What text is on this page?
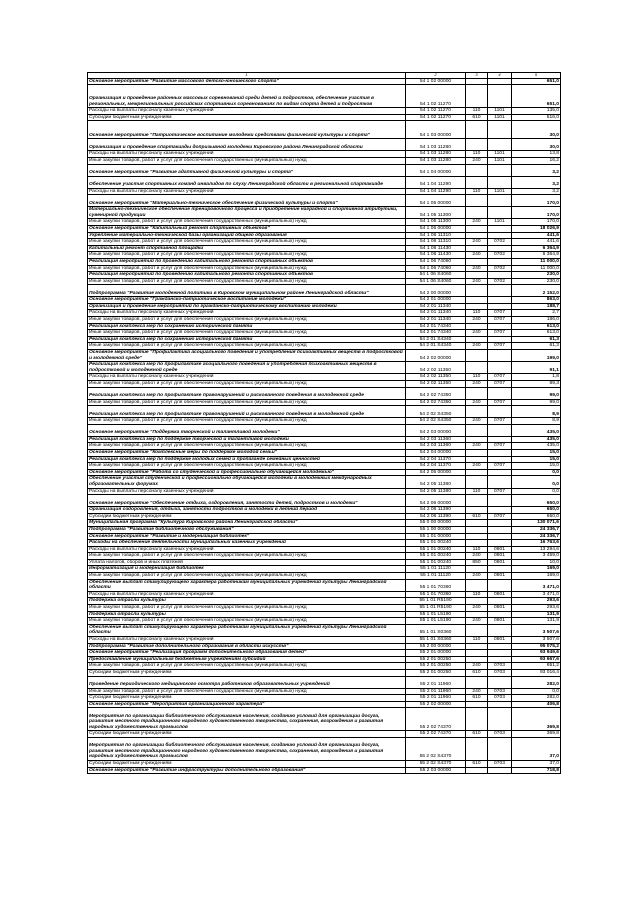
1	2	3	4	5
Основное мероприятие "Развитие массового детско-юношеского спорта"	54 1 02 00000			651,0
Организация и проведение районных массовых соревнований среди детей и подростков, обеспечение участия в региональных, межрегиональных российских спортивных соревнованиях по видам спорта детей и подростков	54 1 02 11270			651,0
Расходы на выплаты персоналу казенных учреждений	54 1 02 11270	110	1101	135,0
Субсидии бюджетным учреждениям	54 1 02 11270	610	1101	516,0
Основное мероприятие "Патриотическое воспитание молодежи средствами физической культуры и спорта"	54 1 03 00000			30,0
Организация и проведение спартакиады допризывной молодежи Кировского района Ленинградской области	54 1 03 11280			30,0
Расходы на выплаты персоналу казенных учреждений	54 1 03 11280	110	1101	13,8
Иные закупки товаров, работ и услуг для обеспечения государственных (муниципальных) нужд	54 1 03 11280	240	1101	16,2
Основное мероприятие "Развитие адаптивной физической культуры и спорта"	54 1 04 00000			3,2
Обеспечение участия спортивных команд инвалидов по слуху Ленинградской области в региональной спартакиаде	54 1 04 11290			3,2
Расходы на выплаты персоналу казенных учреждений	54 1 04 11290	110	1101	3,2
Основное мероприятие "Материально-техническое обеспечение физической культуры и спорта"	54 1 05 00000			170,0
Материально-техническое обеспечение тренировочного процесса и приобретение наградной и спортивной атрибутики, сувенирной продукции	54 1 05 11300			170,0
Иные закупки товаров, работ и услуг для обеспечения государственных (муниципальных) нужд	54 1 05 11300	240	1101	170,0
Основное мероприятие "Капитальный ремонт спортивных объектов"	54 1 06 00000			18 026,9
Укрепление материально-технической базы организаций общего образования	54 1 06 11310			441,6
Иные закупки товаров, работ и услуг для обеспечения государственных (муниципальных) нужд	54 1 06 11310	240	0702	441,6
Капитальный ремонт спортивной площадки	54 1 06 11430			6 364,9
Иные закупки товаров, работ и услуг для обеспечения государственных (муниципальных) нужд	54 1 06 11430	240	0702	6 364,9
Реализация мероприятий по проведению капитального ремонта спортивных объектов	54 1 06 74060			11 000,0
Иные закупки товаров, работ и услуг для обеспечения государственных (муниципальных) нужд	54 1 06 74060	240	0702	11 000,0
Реализация мероприятий по проведению капитального ремонта спортивных объектов	54 1 06 S4060			230,0
Иные закупки товаров, работ и услуг для обеспечения государственных (муниципальных) нужд	54 1 06 S4060	240	0702	230,0
Подпрограмма "Развитие молодежной политики в Кировском муниципальном районе Ленинградской области"	54 2 00 00000			2 152,0
Основное мероприятие "Гражданско-патриотическое воспитание молодежи"	54 2 01 00000			863,0
Организация и проведение мероприятий по гражданско-патриотическому воспитанию молодежи	54 2 01 11340			188,7
Расходы на выплаты персоналу казенных учреждений	54 2 01 11340	110	0707	2,7
Иные закупки товаров, работ и услуг для обеспечения государственных (муниципальных) нужд	54 2 01 11340	240	0707	186,0
Реализация комплекса мер по сохранению исторической памяти	54 2 01 74340			613,0
Иные закупки товаров, работ и услуг для обеспечения государственных (муниципальных) нужд	54 2 01 74340	240	0707	613,0
Реализация комплекса мер по сохранению исторической памяти	54 2 01 S4340			61,3
Иные закупки товаров, работ и услуг для обеспечения государственных (муниципальных) нужд	54 2 01 S4340	240	0707	61,3
Основное мероприятие "Профилактика асоциального поведения и употребления психоактивных веществ в подростковой и молодежной среде"	54 2 02 00000			199,0
Реализация комплекса мер по профилактике асоциального поведения и употребления психоактивных веществ в подростковой и молодежной среде	54 2 02 11350			91,1
Расходы на выплаты персоналу казенных учреждений	54 2 02 11350	110	0707	1,8
Иные закупки товаров, работ и услуг для обеспечения государственных (муниципальных) нужд	54 2 02 11350	240	0707	89,3
Реализация комплекса мер по профилактике правонарушений и рискованного поведения в молодежной среде	54 2 02 74350			99,0
Иные закупки товаров, работ и услуг для обеспечения государственных (муниципальных) нужд	54 2 02 74350	240	0707	99,0
Реализация комплекса мер по профилактике правонарушений и рискованного поведения в молодежной среде	54 2 02 S4350			8,9
Иные закупки товаров, работ и услуг для обеспечения государственных (муниципальных) нужд	54 2 02 S4350	240	0707	8,9
Основное мероприятие "Поддержка творческой и талантливой молодежи"	54 2 03 00000			435,0
Реализация комплекса мер по поддержке творческой и талантливой молодежи	54 2 03 11360			435,0
Иные закупки товаров, работ и услуг для обеспечения государственных (муниципальных) нужд	54 2 03 11360	240	0707	435,0
Основное мероприятие "Комплексные меры по поддержке молодой семьи"	54 2 04 00000			15,0
Реализация комплекса мер по поддержке молодых семей и пропаганде семейных ценностей	54 2 04 11370			15,0
Иные закупки товаров, работ и услуг для обеспечения государственных (муниципальных) нужд	54 2 04 11370	240	0707	15,0
Основное мероприятие "Работа со студенческой и профессионально обучающейся молодежью"	54 2 05 00000			0,0
Обеспечение участия студенческой и профессионально обучающейся молодежи в молодежных международных образовательных форумах	54 2 05 11380			0,0
Расходы на выплаты персоналу казенных учреждений	54 2 05 11380	110	0707	0,0
Основное мероприятие "Обеспечение отдыха, оздоровления, занятости детей, подростков и молодежи"	54 2 06 00000			650,0
Организация оздоровления, отдыха, занятости подростков и молодежи в летний период	54 2 06 11390			650,0
Субсидии бюджетным учреждениям	54 2 06 11390	610	0707	650,0
Муниципальная программа "Культура Кировского района Ленинградской области"	55 0 00 00000			130 071,6
Подпрограмма "Развитие библиотечного обслуживания"	55 1 00 00000			24 336,7
Основное мероприятие "Развитие и модернизация библиотек"	55 1 01 00000			24 336,7
Расходы на обеспечение деятельности муниципальных казенных учреждений	55 1 01 00240			16 763,6
Расходы на выплаты персоналу казенных учреждений	55 1 01 00240	110	0801	13 294,6
Иные закупки товаров, работ и услуг для обеспечения государственных (муниципальных) нужд	55 1 01 00240	240	0801	3 459,0
Уплата налогов, сборов и иных платежей	55 1 01 00240	850	0801	10,0
Информатизация и модернизация библиотек	55 1 01 11120			169,0
Иные закупки товаров, работ и услуг для обеспечения государственных (муниципальных) нужд	55 1 01 11120	240	0801	169,0
Обеспечение выплат стимулирующего характера работникам муниципальных учреждений культуры Ленинградской области	55 1 01 70360			3 471,0
Расходы на выплаты персоналу казенных учреждений	55 1 01 70360	110	0801	3 471,0
Поддержка отрасли культуры	55 1 01 R5190			293,6
Иные закупки товаров, работ и услуг для обеспечения государственных (муниципальных) нужд	55 1 01 R5190	240	0801	293,6
Поддержка отрасли культуры	55 1 01 L5190			131,9
Иные закупки товаров, работ и услуг для обеспечения государственных (муниципальных) нужд	55 1 01 L5190	240	0801	131,9
Обеспечение выплат стимулирующего характера работникам муниципальных учреждений культуры Ленинградской области	55 1 01 S0360			3 507,6
Расходы на выплаты персоналу казенных учреждений	55 1 01 S0360	110	0801	3 507,6
Подпрограмма "Развитие дополнительного образования в области искусств"	55 2 00 00000			95 075,2
Основное мероприятие "Реализация программ дополнительного образования детей"	55 2 01 00000			93 949,6
Предоставление муниципальным бюджетным учреждениям субсидий	55 2 01 00250			93 667,6
Иные закупки товаров, работ и услуг для обеспечения государственных (муниципальных) нужд	55 2 01 00250	240	0703	651,2
Субсидии бюджетным учреждениям	55 2 01 00250	610	0703	93 016,4
Проведение периодического медицинского осмотра работников образовательных учреждений	55 2 01 11960			282,0
Иные закупки товаров, работ и услуг для обеспечения государственных (муниципальных) нужд	55 2 01 11960	240	0703	0,0
Субсидии бюджетным учреждениям	55 2 01 11960	610	0703	282,0
Основное мероприятие "Мероприятия организационного характера"	55 2 02 00000			406,8
Мероприятия по организации библиотечного обслуживания населения, созданию условий для организации досуга, развития местного традиционного народного художественного творчества, сохранения, возрождения и развития народных художественных промыслов	55 2 02 74370			369,8
Субсидии бюджетным учреждениям	55 2 02 74370	610	0703	369,8
Мероприятия по организации библиотечного обслуживания населения, созданию условий для организации досуга, развития местного традиционного народного художественного творчества, сохранения, возрождения и развития народных художественных промыслов	55 2 02 S4370			37,0
Субсидии бюджетным учреждениям	55 2 02 S4370	610	0703	37,0
Основное мероприятие "Развитие инфраструктуры дополнительного образования"	55 2 03 00000			718,8
